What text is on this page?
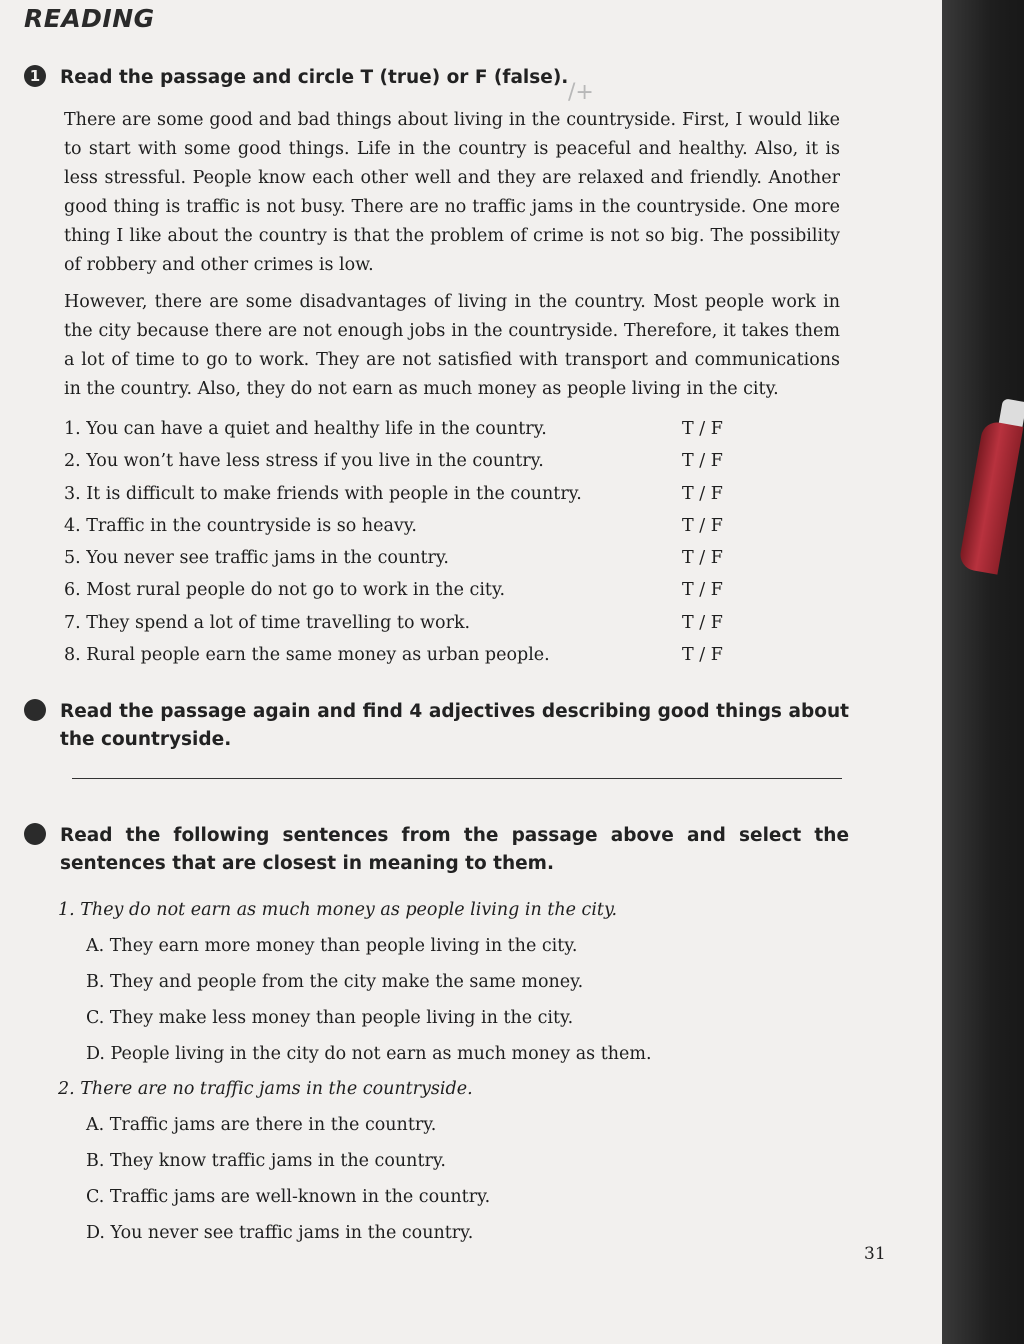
READING
/+
1 Read the passage and circle T (true) or F (false).

There are some good and bad things about living in the countryside. First, I would like to start with some good things. Life in the country is peaceful and healthy. Also, it is less stressful. People know each other well and they are relaxed and friendly. Another good thing is traffic is not busy. There are no traffic jams in the countryside. One more thing I like about the country is that the problem of crime is not so big. The possibility of robbery and other crimes is low.

However, there are some disadvantages of living in the country. Most people work in the city because there are not enough jobs in the countryside. Therefore, it takes them a lot of time to go to work. They are not satisfied with transport and communications in the country. Also, they do not earn as much money as people living in the city.

1. You can have a quiet and healthy life in the country.	T / F
2. You won’t have less stress if you live in the country.	T / F
3. It is difficult to make friends with people in the country.	T / F
4. Traffic in the countryside is so heavy.	T / F
5. You never see traffic jams in the country.	T / F
6. Most rural people do not go to work in the city.	T / F
7. They spend a lot of time travelling to work.	T / F
8. Rural people earn the same money as urban people.	T / F
2 Read the passage again and find 4 adjectives describing good things about the countryside.
3 Read the following sentences from the passage above and select the sentences that are closest in meaning to them.
1. They do not earn as much money as people living in the city.
A. They earn more money than people living in the city.
B. They and people from the city make the same money.
C. They make less money than people living in the city.
D. People living in the city do not earn as much money as them.
2. There are no traffic jams in the countryside.
A. Traffic jams are there in the country.
B. They know traffic jams in the country.
C. Traffic jams are well-known in the country.
D. You never see traffic jams in the country.
31
